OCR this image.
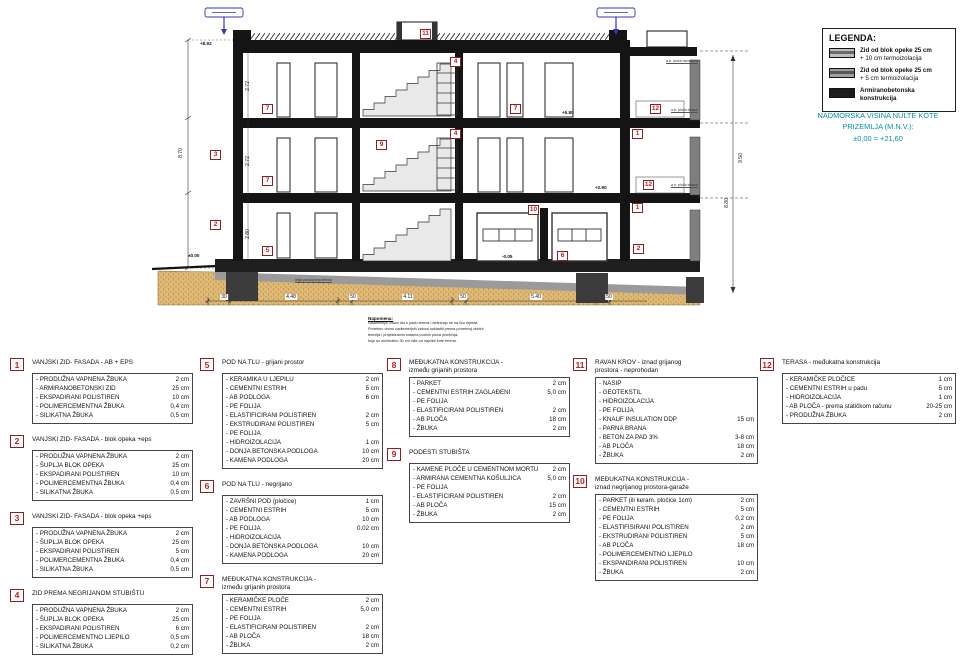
11
7
7
7
9
4
4
3
2
5
10
6
1
1
2
12
12
30	4.48	50	4.11	50	5.40	50
8.70
2.72
2.72
2.80
9.50
8.80
+8.92
±0.00
+5.80
+2.90
+2.72
-0.05
a.b. ploča ravni krov
a.b. ploča terasa
a.b. ploča terasa
linija postojećeg terena
Napomena:
Nadtemeljni zidovi idu u padu terena i definiraju se na licu mjesta.
Potrebnu visinu nadtemeljnih zidova uskladiti prema potrebnoj dubini
temelja i projektiranim kotama podnih ploča prizemlja,
koje su minimalno 30 cm više od najviše kote terena.
LEGENDA:
Zid od blok opeke 25 cm
+ 10 cm termoizolacija
Zid od blok opeke 25 cm
+ 5 cm termoizolacija
Armiranobetonska
konstrukcija
NADMORSKA VISINA NULTE KOTE
PRIZEMLJA (M.N.V.):
±0,00 = +21,60
1	VANJSKI ZID- FASADA - AB + EPS
- PRODUŽNA VAPNENA ŽBUKA	2 cm
- ARMIRANOBETONSKI ZID	25 cm
- EKSPADIRANI POLISTIREN	10 cm
- POLIMERCEMENTNA ŽBUKA	0,4 cm
- SILIKATNA ŽBUKA	0,5 cm
2	VANJSKI ZID- FASADA - blok opeka +eps
- PRODUŽNA VAPNENA ŽBUKA	2 cm
- ŠUPLJA BLOK OPEKA	25 cm
- EKSPADIRANI POLISTIREN	10 cm
- POLIMERCEMENTNA ŽBUKA	0,4 cm
- SILIKATNA ŽBUKA	0,5 cm
3	VANJSKI ZID- FASADA - blok opeka +eps
- PRODUŽNA VAPNENA ŽBUKA	2 cm
- ŠUPLJA BLOK OPEKA	25 cm
- EKSPADIRANI POLISTIREN	5 cm
- POLIMERCEMENTNA ŽBUKA	0,4 cm
- SILIKATNA ŽBUKA	0,5 cm
4	ZID PREMA NEGRIJANOM STUBIŠTU
- PRODUŽNA VAPNENA ŽBUKA	2 cm
- ŠUPLJA BLOK OPEKA	25 cm
- EKSPADIRANI POLISTIREN	6 cm
- POLIMERCEMENTNO LJEPILO	0,5 cm
- SILIKATNA ŽBUKA	0,2 cm
5	POD NA TLU - grijani prostor
- KERAMIKA U LJEPILU	2 cm
- CEMENTNI ESTRIH	5 cm
- AB PODLOGA	6 cm
- PE FOLIJA
- ELASTIFICIRANI POLISTIREN	2 cm
- EKSTRUDIRANI POLISTIREN	5 cm
- PE FOLIJA
- HIDROIZOLACIJA	1 cm
- DONJA BETONSKA PODLOGA	10 cm
- KAMENA PODLOGA	20 cm
6	POD NA TLU - negrijano
- ZAVRŠNI POD (pločice)	1 cm
- CEMENTNI ESTRIH	5 cm
- AB PODLOGA	10 cm
- PE FOLIJA	0,02 cm
- HIDROIZOLACIJA
- DONJA BETONSKA PODLOGA	10 cm
- KAMENA PODLOGA	20 cm
7	MEĐUKATNA KONSTRUKCIJA -
između grijanih prostora
- KERAMIČKE PLOČE	2 cm
- CEMENTNI ESTRIH	5,0 cm
- PE FOLIJA
- ELASTIFICIRANI POLISTIREN	2 cm
- AB PLOČA	18 cm
- ŽBUKA	2 cm
8	MEĐUKATNA KONSTRUKCIJA -
između grijanih prostora
- PARKET	2 cm
- CEMENTNI ESTRIH ZAGLAĐENI	5,0 cm
- PE FOLIJA
- ELASTIFICIRANI POLISTIREN	2 cm
- AB PLOČA	18 cm
- ŽBUKA	2 cm
9	PODESTI STUBIŠTA
- KAMENE PLOČE U CEMENTNOM MORTU	2 cm
- ARMIRANA CEMENTNA KOŠULJICA	5,0 cm
- PE FOLIJA
- ELASTIFICIRANI POLISTIREN	2 cm
- AB PLOČA	15 cm
- ŽBUKA	2 cm
11	RAVAN KROV - iznad grijanog
prostora - neprohodan
- NASIP
- GEOTEKSTIL
- HIDROIZOLACIJA
- PE FOLIJA
- KNAUF INSULATION DDP	15 cm
- PARNA BRANA
- BETON ZA PAD 3%	3-8 cm
- AB PLOČA	18 cm
- ŽBUKA	2 cm
10	MEĐUKATNA KONSTRUKCIJA -
iznad negrijanog prostora-garaže
- PARKET (ili keram. pločice 1cm)	2 cm
- CEMENTNI ESTRIH	5 cm
- PE FOLIJA	0,2 cm
- ELASTIFISIRANI POLISTIREN	2 cm
- EKSTRUDIRANI POLISTIREN	5 cm
- AB PLOČA	18 cm
- POLIMERCEMENTNO LJEPILO
- EKSPANDIRANI POLISTIREN	10 cm
- ŽBUKA	2 cm
12	TERASA - međukatna konstrukcija
- KERAMIČKE PLOČICE	1 cm
- CEMENTNI ESTRIH u padu	5 cm
- HIDROIZOLACIJA	1 cm
- AB PLOČA - prema statičkom računu	20-25 cm
- PRODUŽNA ŽBUKA	2 cm
